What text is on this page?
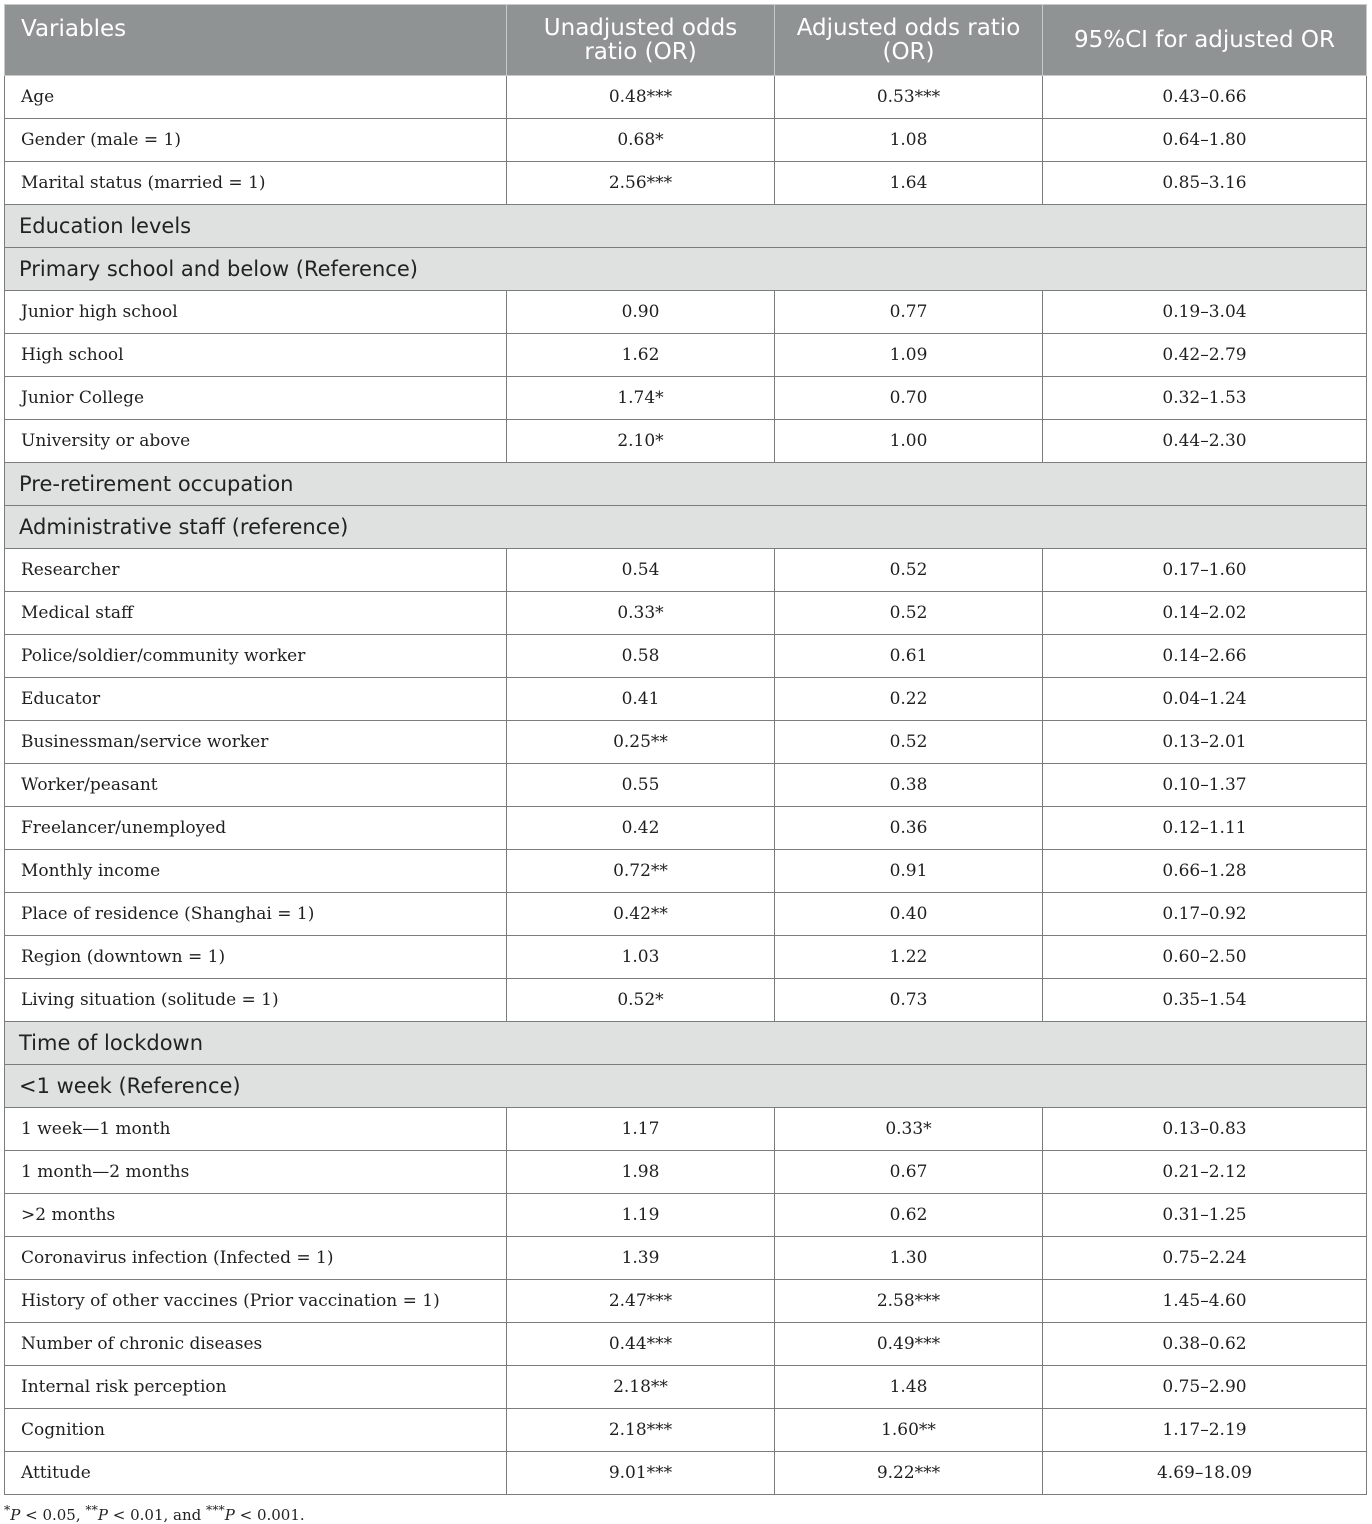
Variables	Unadjusted odds ratio (OR)	Adjusted odds ratio (OR)	95%CI for adjusted OR
Age	0.48***	0.53***	0.43–0.66
Gender (male = 1)	0.68*	1.08	0.64–1.80
Marital status (married = 1)	2.56***	1.64	0.85–3.16
Education levels			
Primary school and below (Reference)			
Junior high school	0.90	0.77	0.19–3.04
High school	1.62	1.09	0.42–2.79
Junior College	1.74*	0.70	0.32–1.53
University or above	2.10*	1.00	0.44–2.30
Pre-retirement occupation			
Administrative staff (reference)			
Researcher	0.54	0.52	0.17–1.60
Medical staff	0.33*	0.52	0.14–2.02
Police/soldier/community worker	0.58	0.61	0.14–2.66
Educator	0.41	0.22	0.04–1.24
Businessman/service worker	0.25**	0.52	0.13–2.01
Worker/peasant	0.55	0.38	0.10–1.37
Freelancer/unemployed	0.42	0.36	0.12–1.11
Monthly income	0.72**	0.91	0.66–1.28
Place of residence (Shanghai = 1)	0.42**	0.40	0.17–0.92
Region (downtown = 1)	1.03	1.22	0.60–2.50
Living situation (solitude = 1)	0.52*	0.73	0.35–1.54
Time of lockdown			
<1 week (Reference)			
1 week—1 month	1.17	0.33*	0.13–0.83
1 month—2 months	1.98	0.67	0.21–2.12
>2 months	1.19	0.62	0.31–1.25
Coronavirus infection (Infected = 1)	1.39	1.30	0.75–2.24
History of other vaccines (Prior vaccination = 1)	2.47***	2.58***	1.45–4.60
Number of chronic diseases	0.44***	0.49***	0.38–0.62
Internal risk perception	2.18**	1.48	0.75–2.90
Cognition	2.18***	1.60**	1.17–2.19
Attitude	9.01***	9.22***	4.69–18.09
*P < 0.05, **P < 0.01, and ***P < 0.001.
